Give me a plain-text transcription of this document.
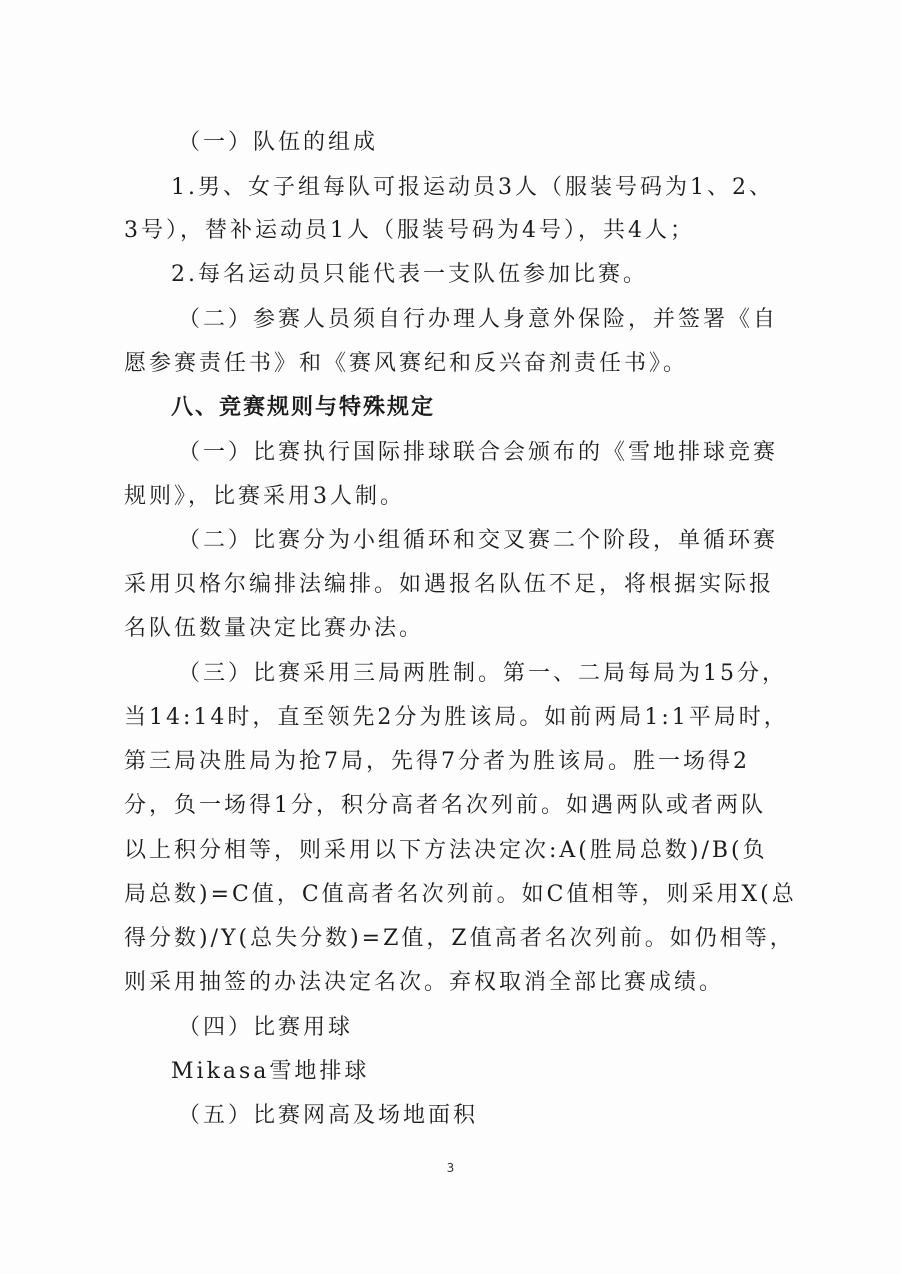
（一）队伍的组成
1.男、女子组每队可报运动员3人（服装号码为1、2、
3号），替补运动员1人（服装号码为4号），共4人；
2.每名运动员只能代表一支队伍参加比赛。
（二）参赛人员须自行办理人身意外保险，并签署《自
愿参赛责任书》和《赛风赛纪和反兴奋剂责任书》。
八、竞赛规则与特殊规定
（一）比赛执行国际排球联合会颁布的《雪地排球竞赛
规则》，比赛采用3人制。
（二）比赛分为小组循环和交叉赛二个阶段，单循环赛
采用贝格尔编排法编排。如遇报名队伍不足，将根据实际报
名队伍数量决定比赛办法。
（三）比赛采用三局两胜制。第一、二局每局为15分，
当14:14时，直至领先2分为胜该局。如前两局1:1平局时，
第三局决胜局为抢7局，先得7分者为胜该局。胜一场得2
分，负一场得1分，积分高者名次列前。如遇两队或者两队
以上积分相等，则采用以下方法决定次:A(胜局总数)/B(负
局总数)=C值，C值高者名次列前。如C值相等，则采用X(总
得分数)/Y(总失分数)=Z值，Z值高者名次列前。如仍相等，
则采用抽签的办法决定名次。弃权取消全部比赛成绩。
（四）比赛用球
Mikasa雪地排球
（五）比赛网高及场地面积
3
